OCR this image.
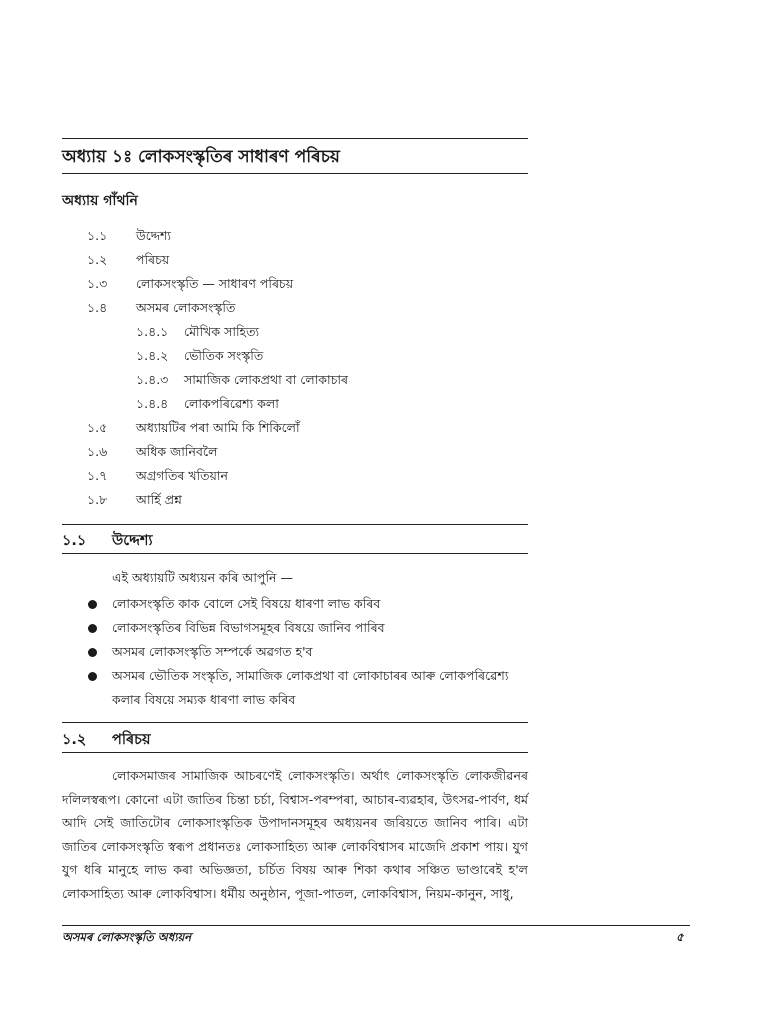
অধ্যায় ১ঃ লোকসংস্কৃতিৰ সাধাৰণ পৰিচয়
অধ্যায় গাঁথনি
১.১ উদ্দেশ্য
১.২ পৰিচয়
১.৩ লোকসংস্কৃতি — সাধাৰণ পৰিচয়
১.৪ অসমৰ লোকসংস্কৃতি
১.৪.১ মৌখিক সাহিত্য
১.৪.২ ভৌতিক সংস্কৃতি
১.৪.৩ সামাজিক লোকপ্ৰথা বা লোকাচাৰ
১.৪.৪ লোকপৰিৱেশ্য কলা
১.৫ অধ্যায়টিৰ পৰা আমি কি শিকিলোঁ
১.৬ অধিক জানিবলৈ
১.৭ অগ্ৰগতিৰ খতিয়ান
১.৮ আৰ্হি প্ৰশ্ন
১.১ উদ্দেশ্য
এই অধ্যায়টি অধ্যয়ন কৰি আপুনি —
লোকসংস্কৃতি কাক বোলে সেই বিষয়ে ধাৰণা লাভ কৰিব
লোকসংস্কৃতিৰ বিভিন্ন বিভাগসমূহৰ বিষয়ে জানিব পাৰিব
অসমৰ লোকসংস্কৃতি সম্পৰ্কে অৱগত হ'ব
অসমৰ ভৌতিক সংস্কৃতি, সামাজিক লোকপ্ৰথা বা লোকাচাৰৰ আৰু লোকপৰিৱেশ্য কলাৰ বিষয়ে সম্যক ধাৰণা লাভ কৰিব
১.২ পৰিচয়

লোকসমাজৰ সামাজিক আচৰণেই লোকসংস্কৃতি। অৰ্থাৎ লোকসংস্কৃতি লোকজীৱনৰ দলিলস্বৰূপ। কোনো এটা জাতিৰ চিন্তা চৰ্চা, বিশ্বাস-পৰম্পৰা, আচাৰ-ব্যৱহাৰ, উৎসৱ-পাৰ্বণ, ধৰ্ম আদি সেই জাতিটোৰ লোকসাংস্কৃতিক উপাদানসমূহৰ অধ্যয়নৰ জৰিয়তে জানিব পাৰি। এটা জাতিৰ লোকসংস্কৃতি স্বৰূপ প্ৰধানতঃ লোকসাহিত্য আৰু লোকবিশ্বাসৰ মাজেদি প্ৰকাশ পায়। যুগ যুগ ধৰি মানুহে লাভ কৰা অভিজ্ঞতা, চৰ্চিত বিষয় আৰু শিকা কথাৰ সঞ্চিত ভাণ্ডাৰেই হ'ল লোকসাহিত্য আৰু লোকবিশ্বাস। ধৰ্মীয় অনুষ্ঠান, পূজা-পাতল, লোকবিশ্বাস, নিয়ম-কানুন, সাধু,

অসমৰ লোকসংস্কৃতি অধ্যয়ন	৫
